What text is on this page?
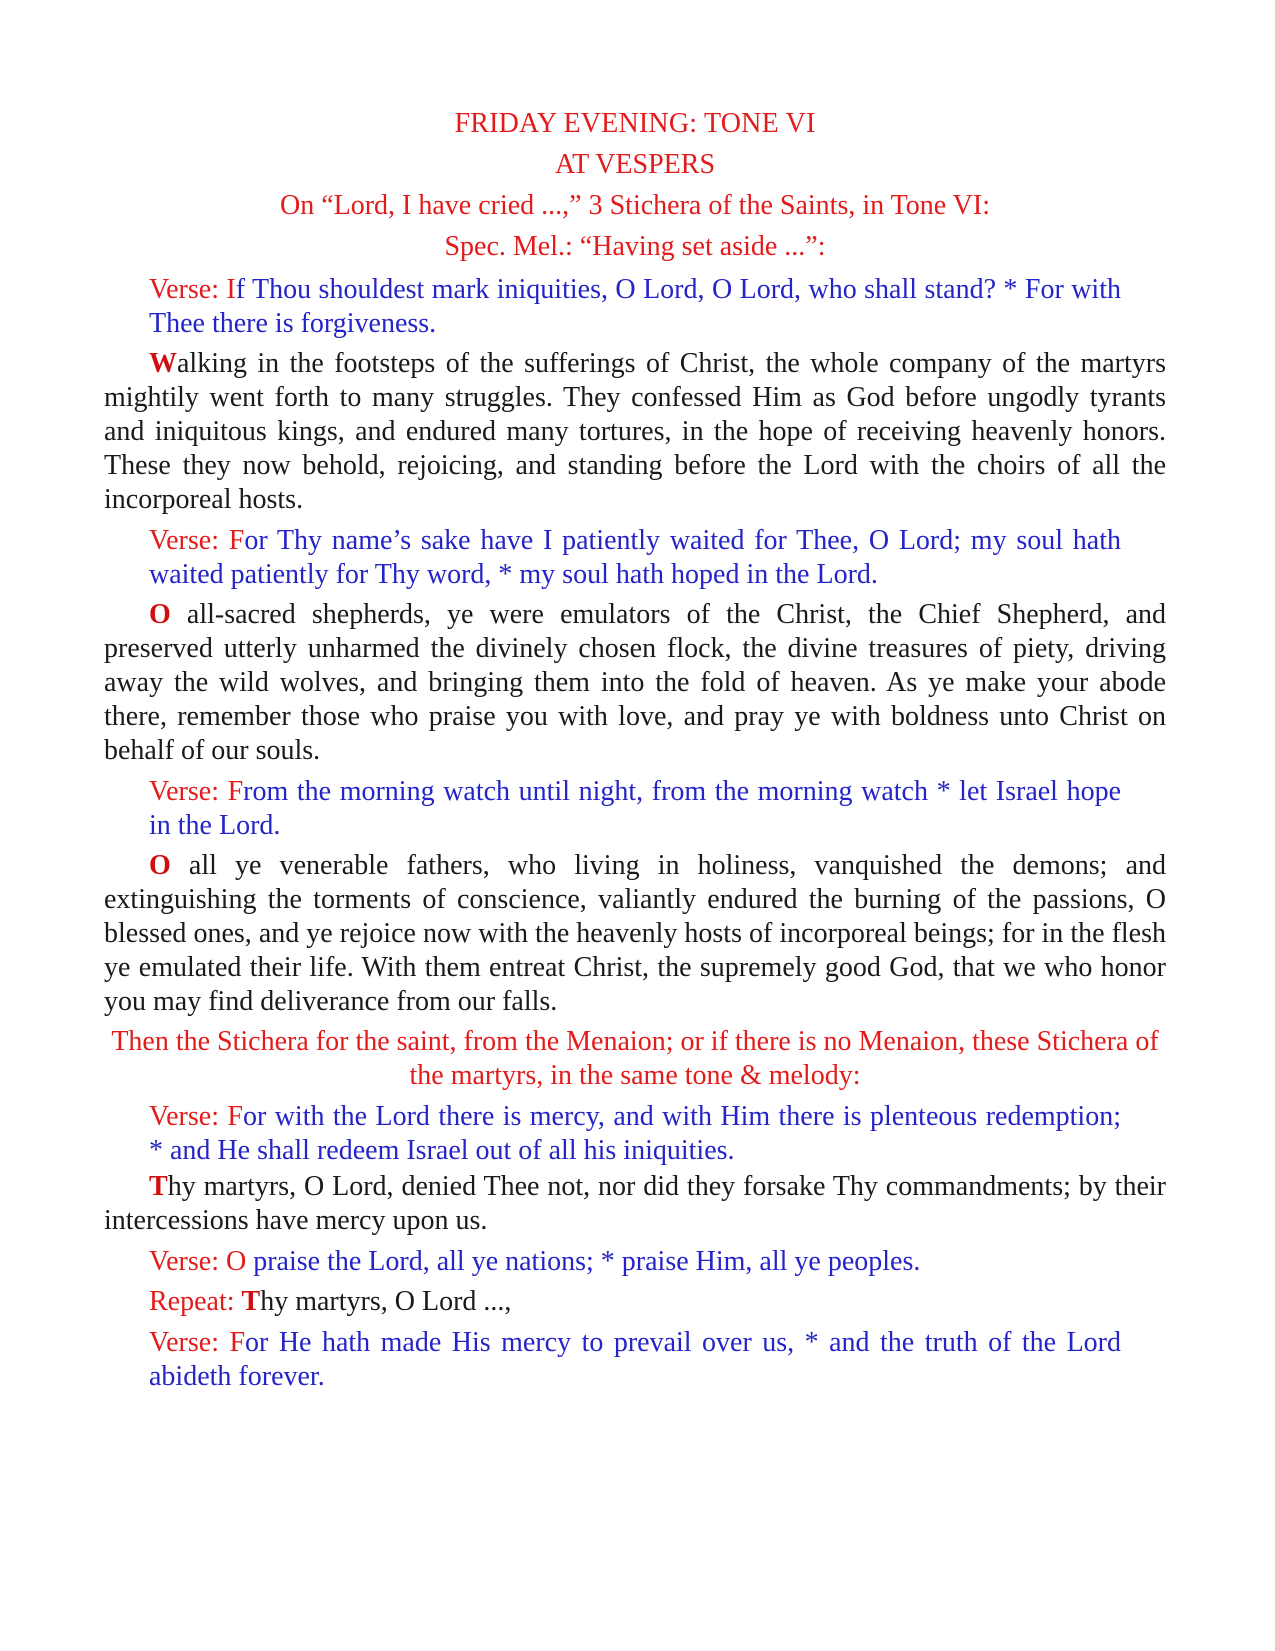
FRIDAY EVENING: TONE VI

AT VESPERS

On “Lord, I have cried ...,” 3 Stichera of the Saints, in Tone VI:

Spec. Mel.: “Having set aside ...”:

Verse: If Thou shouldest mark iniquities, O Lord, O Lord, who shall stand? * For with Thee there is forgiveness.

Walking in the footsteps of the sufferings of Christ, the whole company of the martyrs mightily went forth to many struggles. They confessed Him as God before ungodly tyrants and iniquitous kings, and endured many tortures, in the hope of receiving heavenly honors. These they now behold, rejoicing, and standing before the Lord with the choirs of all the incorporeal hosts.

Verse: For Thy name’s sake have I patiently waited for Thee, O Lord; my soul hath waited patiently for Thy word, * my soul hath hoped in the Lord.

O all-sacred shepherds, ye were emulators of the Christ, the Chief Shepherd, and preserved utterly unharmed the divinely chosen flock, the divine treasures of piety, driving away the wild wolves, and bringing them into the fold of heaven. As ye make your abode there, remember those who praise you with love, and pray ye with boldness unto Christ on behalf of our souls.

Verse: From the morning watch until night, from the morning watch * let Israel hope in the Lord.

O all ye venerable fathers, who living in holiness, vanquished the demons; and extinguishing the torments of conscience, valiantly endured the burning of the passions, O blessed ones, and ye rejoice now with the heavenly hosts of incorporeal beings; for in the flesh ye emulated their life. With them entreat Christ, the supremely good God, that we who honor you may find deliverance from our falls.

Then the Stichera for the saint, from the Menaion; or if there is no Menaion, these Stichera of the martyrs, in the same tone & melody:

Verse: For with the Lord there is mercy, and with Him there is plenteous redemption; * and He shall redeem Israel out of all his iniquities.

Thy martyrs, O Lord, denied Thee not, nor did they forsake Thy commandments; by their intercessions have mercy upon us.

Verse: O praise the Lord, all ye nations; * praise Him, all ye peoples.

Repeat: Thy martyrs, O Lord ...,

Verse: For He hath made His mercy to prevail over us, * and the truth of the Lord abideth forever.
